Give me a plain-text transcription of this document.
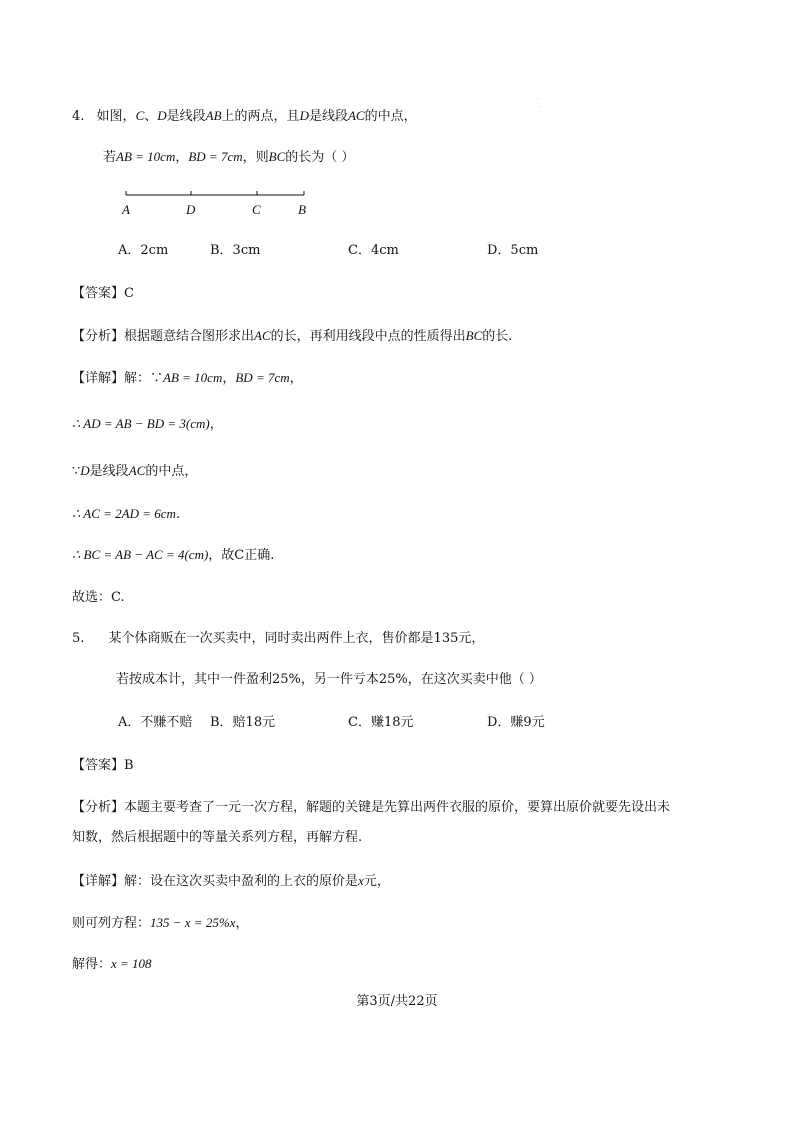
·
·
4. 如图，C、D是线段AB上的两点，且D是线段AC的中点，
若AB = 10cm，BD = 7cm，则BC的长为（ ）
A	D	C	B
A．2cm	B．3cm	C．4cm	D．5cm
【答案】C
【分析】根据题意结合图形求出AC的长，再利用线段中点的性质得出BC的长.
【详解】解：∵AB = 10cm，BD = 7cm，
∴ AD = AB − BD = 3(cm)，
∵D是线段AC的中点，
∴ AC = 2AD = 6cm.
∴ BC = AB − AC = 4(cm)，故C正确.
故选：C.
5. 某个体商贩在一次买卖中，同时卖出两件上衣，售价都是135元，
若按成本计，其中一件盈利25%，另一件亏本25%，在这次买卖中他（ ）
A．不赚不赔 B．赔18元	C．赚18元	D．赚9元
【答案】B
【分析】本题主要考查了一元一次方程，解题的关键是先算出两件衣服的原价，要算出原价就要先设出未
知数，然后根据题中的等量关系列方程，再解方程.
【详解】解：设在这次买卖中盈利的上衣的原价是x元，
则可列方程：135 − x = 25%x，
解得：x = 108
第3页/共22页
